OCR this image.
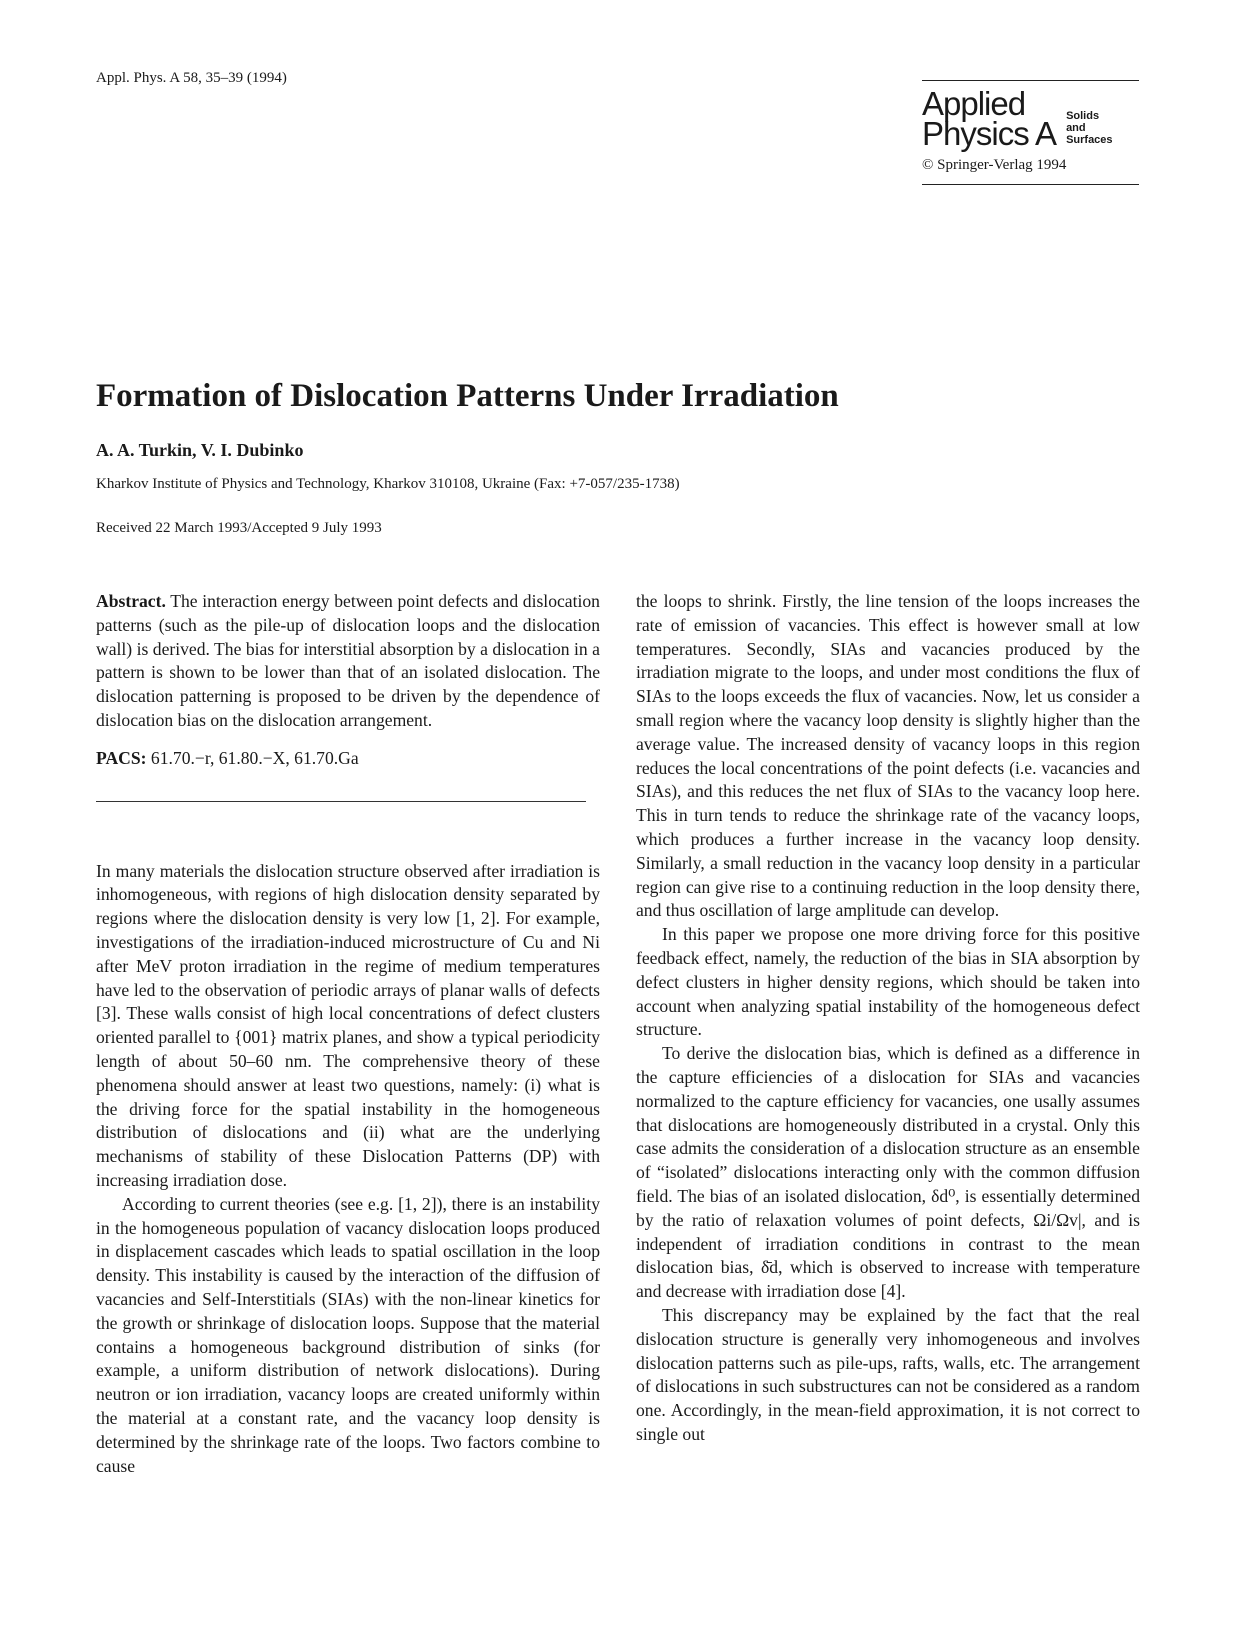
Appl. Phys. A 58, 35–39 (1994)
Applied
Physics A Solids
and
Surfaces
© Springer-Verlag 1994
Formation of Dislocation Patterns Under Irradiation
A. A. Turkin, V. I. Dubinko
Kharkov Institute of Physics and Technology, Kharkov 310108, Ukraine (Fax: +7-057/235-1738)
Received 22 March 1993/Accepted 9 July 1993

Abstract. The interaction energy between point defects and dislocation patterns (such as the pile-up of dislocation loops and the dislocation wall) is derived. The bias for interstitial absorption by a dislocation in a pattern is shown to be lower than that of an isolated dislocation. The dislocation patterning is proposed to be driven by the dependence of dislocation bias on the dislocation arrangement.

PACS: 61.70.−r, 61.80.−X, 61.70.Ga

In many materials the dislocation structure observed after irradiation is inhomogeneous, with regions of high dislocation density separated by regions where the dislocation density is very low [1, 2]. For example, investigations of the irradiation-induced microstructure of Cu and Ni after MeV proton irradiation in the regime of medium temperatures have led to the observation of periodic arrays of planar walls of defects [3]. These walls consist of high local concentrations of defect clusters oriented parallel to {001} matrix planes, and show a typical periodicity length of about 50–60 nm. The comprehensive theory of these phenomena should answer at least two questions, namely: (i) what is the driving force for the spatial instability in the homogeneous distribution of dislocations and (ii) what are the underlying mechanisms of stability of these Dislocation Patterns (DP) with increasing irradiation dose.

According to current theories (see e.g. [1, 2]), there is an instability in the homogeneous population of vacancy dislocation loops produced in displacement cascades which leads to spatial oscillation in the loop density. This instability is caused by the interaction of the diffusion of vacancies and Self-Interstitials (SIAs) with the non-linear kinetics for the growth or shrinkage of dislocation loops. Suppose that the material contains a homogeneous background distribution of sinks (for example, a uniform distribution of network dislocations). During neutron or ion irradiation, vacancy loops are created uniformly within the material at a constant rate, and the vacancy loop density is determined by the shrinkage rate of the loops. Two factors combine to cause

the loops to shrink. Firstly, the line tension of the loops increases the rate of emission of vacancies. This effect is however small at low temperatures. Secondly, SIAs and vacancies produced by the irradiation migrate to the loops, and under most conditions the flux of SIAs to the loops exceeds the flux of vacancies. Now, let us consider a small region where the vacancy loop density is slightly higher than the average value. The increased density of vacancy loops in this region reduces the local concentrations of the point defects (i.e. vacancies and SIAs), and this reduces the net flux of SIAs to the vacancy loop here. This in turn tends to reduce the shrinkage rate of the vacancy loops, which produces a further increase in the vacancy loop density. Similarly, a small reduction in the vacancy loop density in a particular region can give rise to a continuing reduction in the loop density there, and thus oscillation of large amplitude can develop.

In this paper we propose one more driving force for this positive feedback effect, namely, the reduction of the bias in SIA absorption by defect clusters in higher density regions, which should be taken into account when analyzing spatial instability of the homogeneous defect structure.

To derive the dislocation bias, which is defined as a difference in the capture efficiencies of a dislocation for SIAs and vacancies normalized to the capture efficiency for vacancies, one usally assumes that dislocations are homogeneously distributed in a crystal. Only this case admits the consideration of a dislocation structure as an ensemble of “isolated” dislocations interacting only with the common diffusion field. The bias of an isolated dislocation, δd⁰, is essentially determined by the ratio of relaxation volumes of point defects, Ωi/Ωv|, and is independent of irradiation conditions in contrast to the mean dislocation bias, δ̄d, which is observed to increase with temperature and decrease with irradiation dose [4].

This discrepancy may be explained by the fact that the real dislocation structure is generally very inhomogeneous and involves dislocation patterns such as pile-ups, rafts, walls, etc. The arrangement of dislocations in such substructures can not be considered as a random one. Accordingly, in the mean-field approximation, it is not correct to single out
